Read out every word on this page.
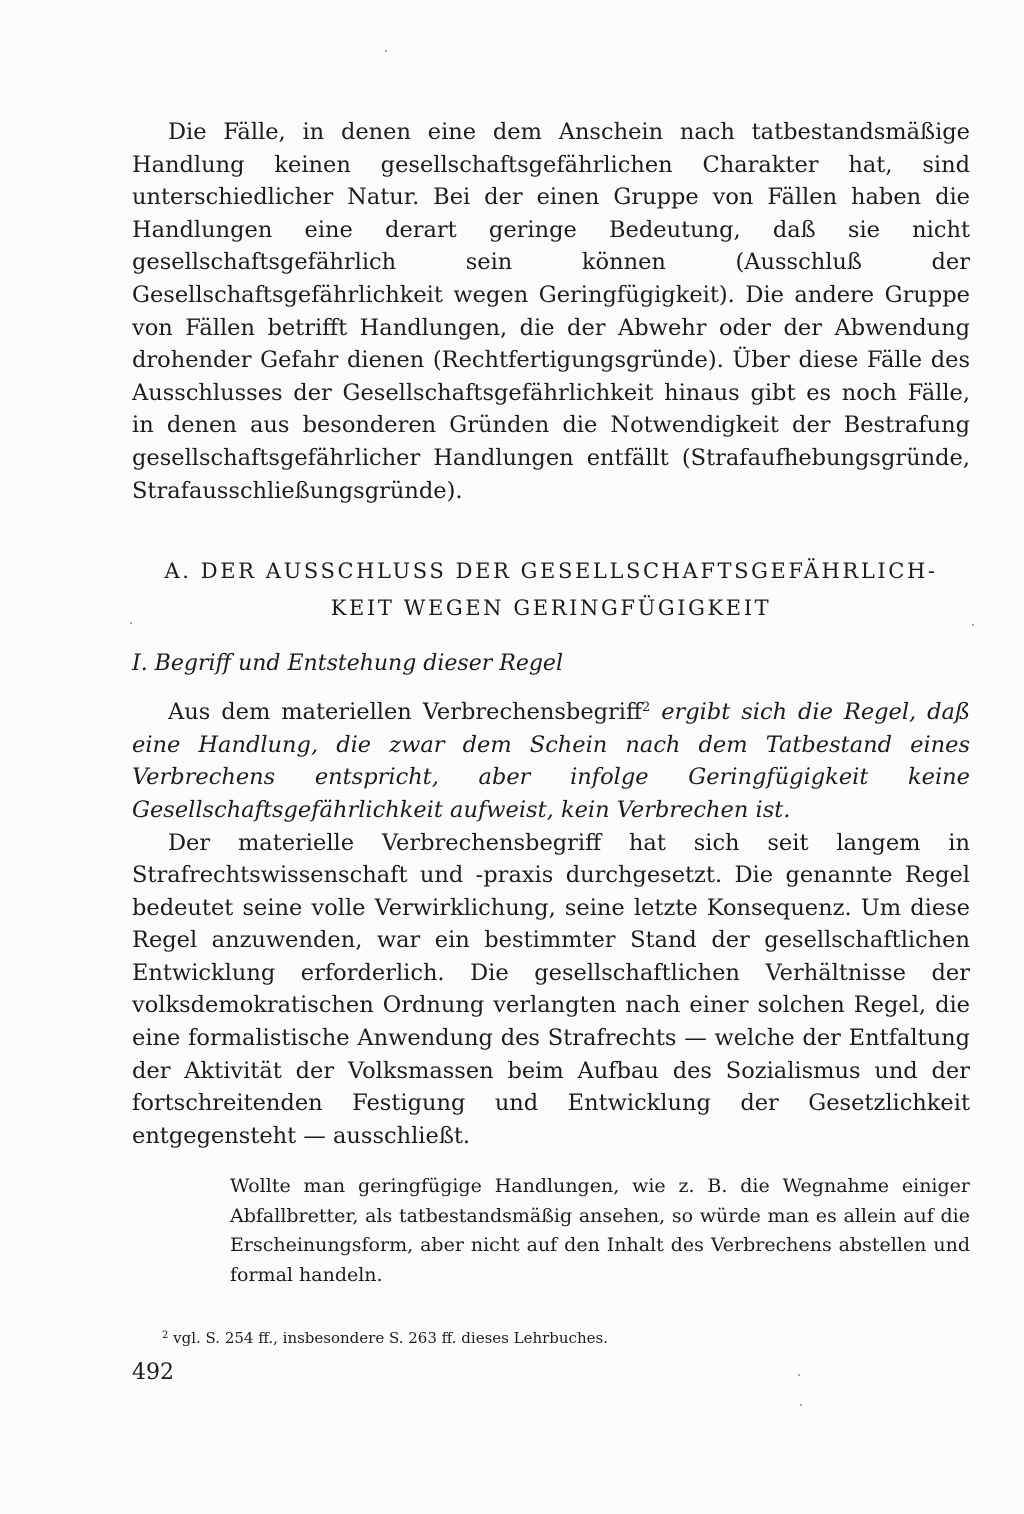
Die Fälle, in denen eine dem Anschein nach tatbestandsmäßige Handlung keinen gesellschaftsgefährlichen Charakter hat, sind unterschiedlicher Natur. Bei der einen Gruppe von Fällen haben die Handlungen eine derart geringe Bedeutung, daß sie nicht gesellschaftsgefährlich sein können (Ausschluß der Gesellschaftsgefährlichkeit wegen Geringfügigkeit). Die andere Gruppe von Fällen betrifft Handlungen, die der Abwehr oder der Abwendung drohender Gefahr dienen (Rechtfertigungsgründe). Über diese Fälle des Ausschlusses der Gesellschaftsgefährlichkeit hinaus gibt es noch Fälle, in denen aus besonderen Gründen die Notwendigkeit der Bestrafung gesellschaftsgefährlicher Handlungen entfällt (Strafaufhebungsgründe, Strafausschließungsgründe).

A. DER AUSSCHLUSS DER GESELLSCHAFTSGEFÄHRLICH-
KEIT WEGEN GERINGFÜGIGKEIT

I. Begriff und Entstehung dieser Regel

Aus dem materiellen Verbrechensbegriff$^2$ ergibt sich die Regel, daß eine Handlung, die zwar dem Schein nach dem Tatbestand eines Verbrechens entspricht, aber infolge Geringfügigkeit keine Gesellschaftsgefährlichkeit aufweist, kein Verbrechen ist.

Der materielle Verbrechensbegriff hat sich seit langem in Strafrechtswissenschaft und -praxis durchgesetzt. Die genannte Regel bedeutet seine volle Verwirklichung, seine letzte Konsequenz. Um diese Regel anzuwenden, war ein bestimmter Stand der gesellschaftlichen Entwicklung erforderlich. Die gesellschaftlichen Verhältnisse der volksdemokratischen Ordnung verlangten nach einer solchen Regel, die eine formalistische Anwendung des Strafrechts — welche der Entfaltung der Aktivität der Volksmassen beim Aufbau des Sozialismus und der fortschreitenden Festigung und Entwicklung der Gesetzlichkeit entgegensteht — ausschließt.

Wollte man geringfügige Handlungen, wie z. B. die Wegnahme einiger Abfallbretter, als tatbestandsmäßig ansehen, so würde man es allein auf die Erscheinungsform, aber nicht auf den Inhalt des Verbrechens abstellen und formal handeln.

$^2$ vgl. S. 254 ff., insbesondere S. 263 ff. dieses Lehrbuches.

492
